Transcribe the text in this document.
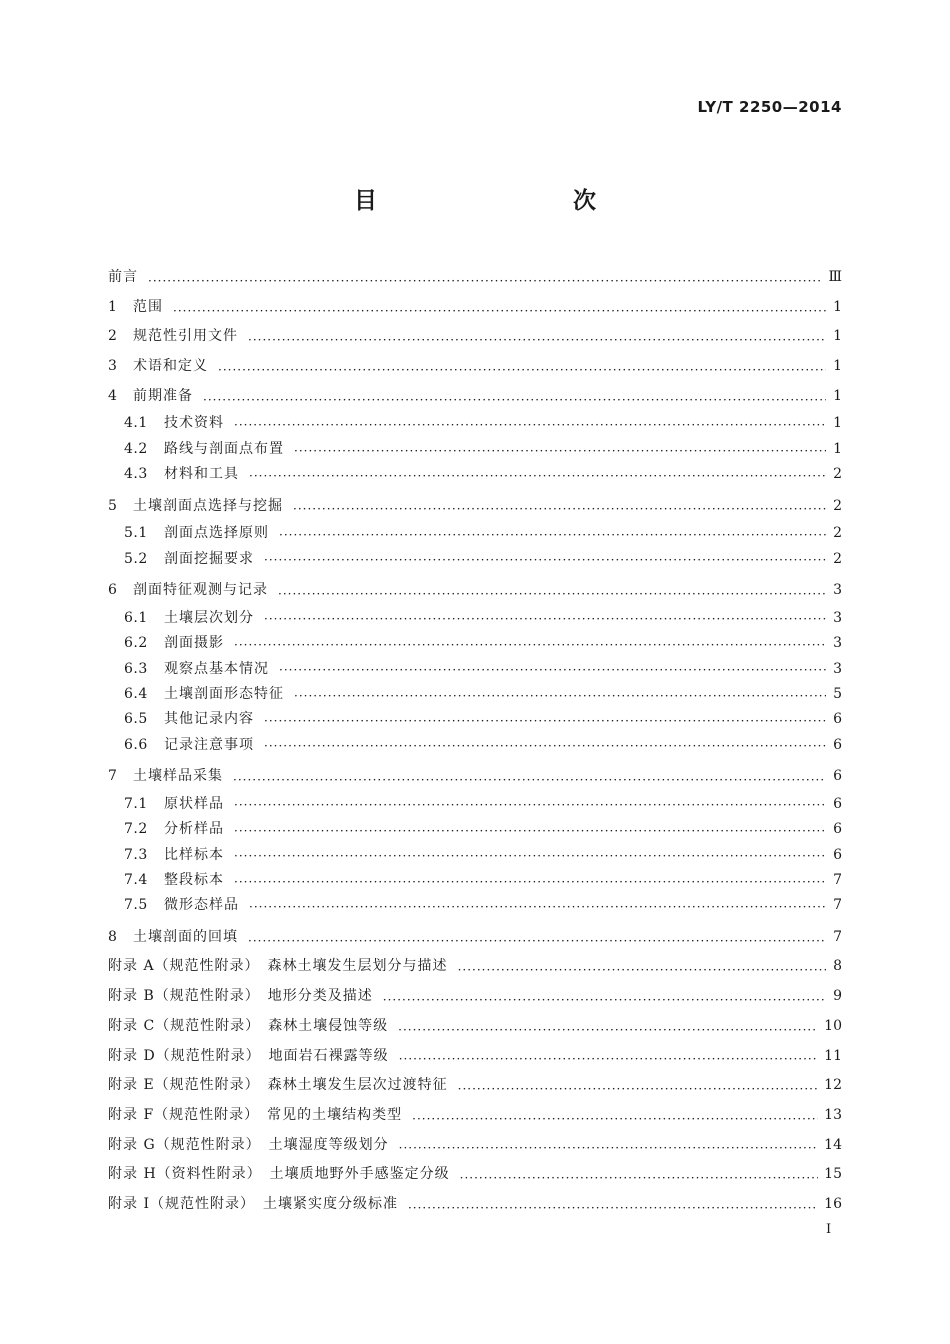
LY/T 2250—2014
目　　次
前言 ·····	Ⅲ
1	范围 ·····	1
2	规范性引用文件 ·····	1
3	术语和定义 ·····	1
4	前期准备 ·····	1
4.1	技术资料 ·····	1
4.2	路线与剖面点布置 ·····	1
4.3	材料和工具 ·····	2
5	土壤剖面点选择与挖掘 ·····	2
5.1	剖面点选择原则 ·····	2
5.2	剖面挖掘要求 ·····	2
6	剖面特征观测与记录 ·····	3
6.1	土壤层次划分 ·····	3
6.2	剖面摄影 ·····	3
6.3	观察点基本情况 ·····	3
6.4	土壤剖面形态特征 ·····	5
6.5	其他记录内容 ·····	6
6.6	记录注意事项 ·····	6
7	土壤样品采集 ·····	6
7.1	原状样品 ·····	6
7.2	分析样品 ·····	6
7.3	比样标本 ·····	6
7.4	整段标本 ·····	7
7.5	微形态样品 ·····	7
8	土壤剖面的回填 ·····	7
附录 A（规范性附录）　森林土壤发生层划分与描述 ·····	8
附录 B（规范性附录）　地形分类及描述 ·····	9
附录 C（规范性附录）　森林土壤侵蚀等级 ·····	10
附录 D（规范性附录）　地面岩石裸露等级 ·····	11
附录 E（规范性附录）　森林土壤发生层次过渡特征 ·····	12
附录 F（规范性附录）　常见的土壤结构类型 ·····	13
附录 G（规范性附录）　土壤湿度等级划分 ·····	14
附录 H（资料性附录）　土壤质地野外手感鉴定分级 ·····	15
附录 I（规范性附录）　土壤紧实度分级标准 ·····	16
I
